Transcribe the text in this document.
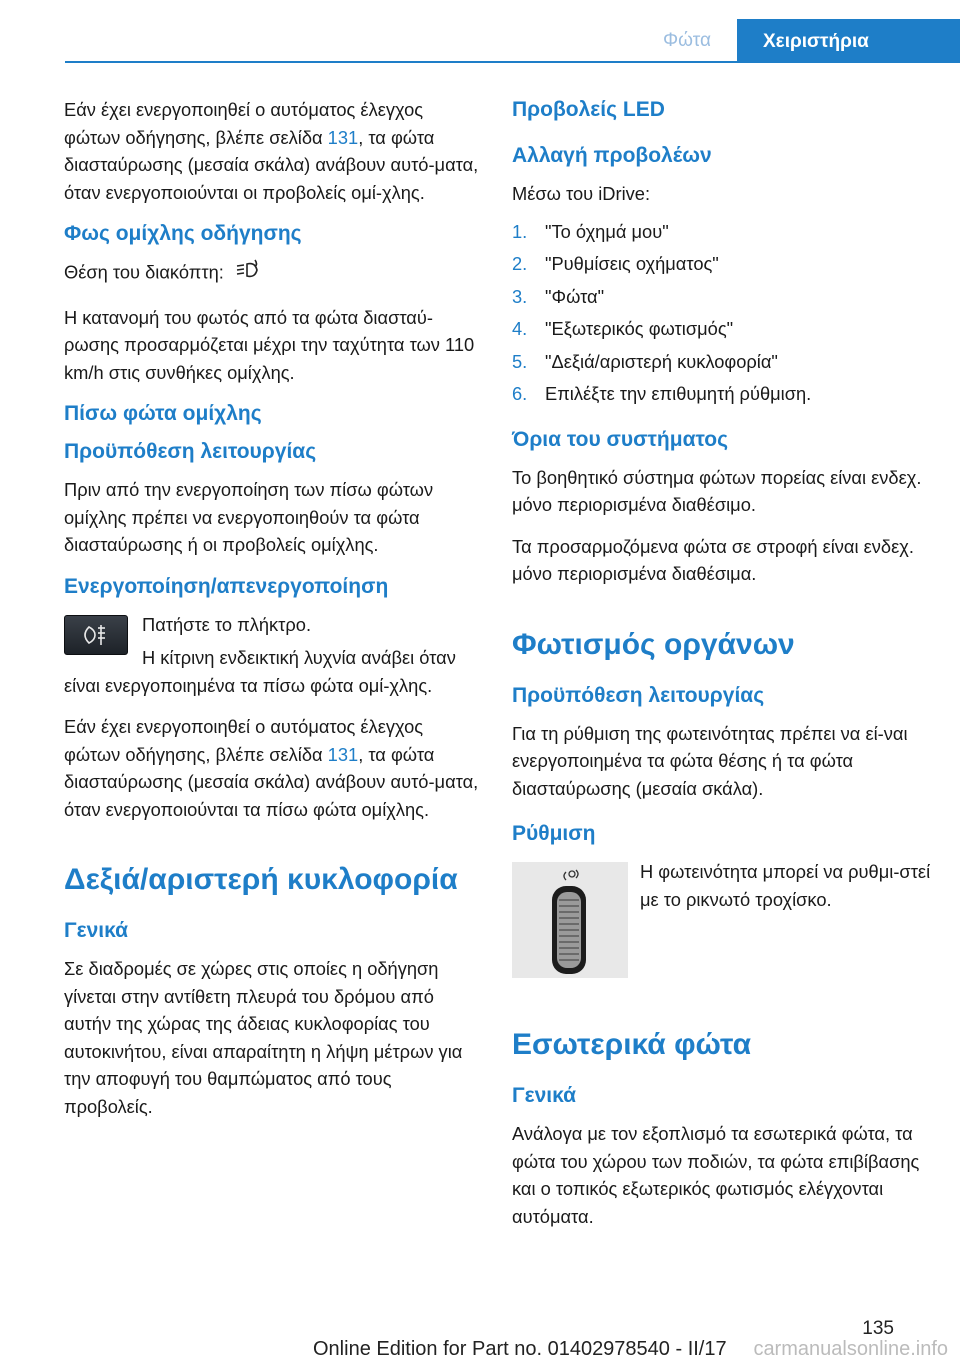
Φώτα	Χειριστήρια

Εάν έχει ενεργοποιηθεί ο αυτόματος έλεγχος φώτων οδήγησης, βλέπε σελίδα 131, τα φώτα διασταύρωσης (μεσαία σκάλα) ανάβουν αυτό‐ματα, όταν ενεργοποιούνται οι προβολείς ομί‐χλης.

Φως ομίχλης οδήγησης

Θέση του διακόπτη:

Η κατανομή του φωτός από τα φώτα διασταύ‐ρωσης προσαρμόζεται μέχρι την ταχύτητα των 110 km/h στις συνθήκες ομίχλης.

Πίσω φώτα ομίχλης
Προϋπόθεση λειτουργίας

Πριν από την ενεργοποίηση των πίσω φώτων ομίχλης πρέπει να ενεργοποιηθούν τα φώτα διασταύρωσης ή οι προβολείς ομίχλης.

Ενεργοποίηση/απενεργοποίηση

Πατήστε το πλήκτρο.

Η κίτρινη ενδεικτική λυχνία ανάβει όταν είναι ενεργοποιημένα τα πίσω φώτα ομί‐χλης.

Εάν έχει ενεργοποιηθεί ο αυτόματος έλεγχος φώτων οδήγησης, βλέπε σελίδα 131, τα φώτα διασταύρωσης (μεσαία σκάλα) ανάβουν αυτό‐ματα, όταν ενεργοποιούνται τα πίσω φώτα ομίχλης.

Δεξιά/αριστερή κυκλοφορία
Γενικά

Σε διαδρομές σε χώρες στις οποίες η οδήγηση γίνεται στην αντίθετη πλευρά του δρόμου από αυτήν της χώρας της άδειας κυκλοφορίας του αυτοκινήτου, είναι απαραίτητη η λήψη μέτρων για την αποφυγή του θαμπώματος από τους προβολείς.

Προβολείς LED
Αλλαγή προβολέων

Μέσω του iDrive:

1. "Το όχημά μου"
2. "Ρυθμίσεις οχήματος"
3. "Φώτα"
4. "Εξωτερικός φωτισμός"
5. "Δεξιά/αριστερή κυκλοφορία"
6. Επιλέξτε την επιθυμητή ρύθμιση.
Όρια του συστήματος

Το βοηθητικό σύστημα φώτων πορείας είναι ενδεχ. μόνο περιορισμένα διαθέσιμο.

Τα προσαρμοζόμενα φώτα σε στροφή είναι ενδεχ. μόνο περιορισμένα διαθέσιμα.

Φωτισμός οργάνων
Προϋπόθεση λειτουργίας

Για τη ρύθμιση της φωτεινότητας πρέπει να εί‐ναι ενεργοποιημένα τα φώτα θέσης ή τα φώτα διασταύρωσης (μεσαία σκάλα).

Ρύθμιση

Η φωτεινότητα μπορεί να ρυθμι‐στεί με το ρικνωτό τροχίσκο.

Εσωτερικά φώτα
Γενικά

Ανάλογα με τον εξοπλισμό τα εσωτερικά φώτα, τα φώτα του χώρου των ποδιών, τα φώτα επιβίβασης και ο τοπικός εξωτερικός φωτισμός ελέγχονται αυτόματα.

135
Online Edition for Part no. 01402978540 - II/17 carmanualsonline.info
